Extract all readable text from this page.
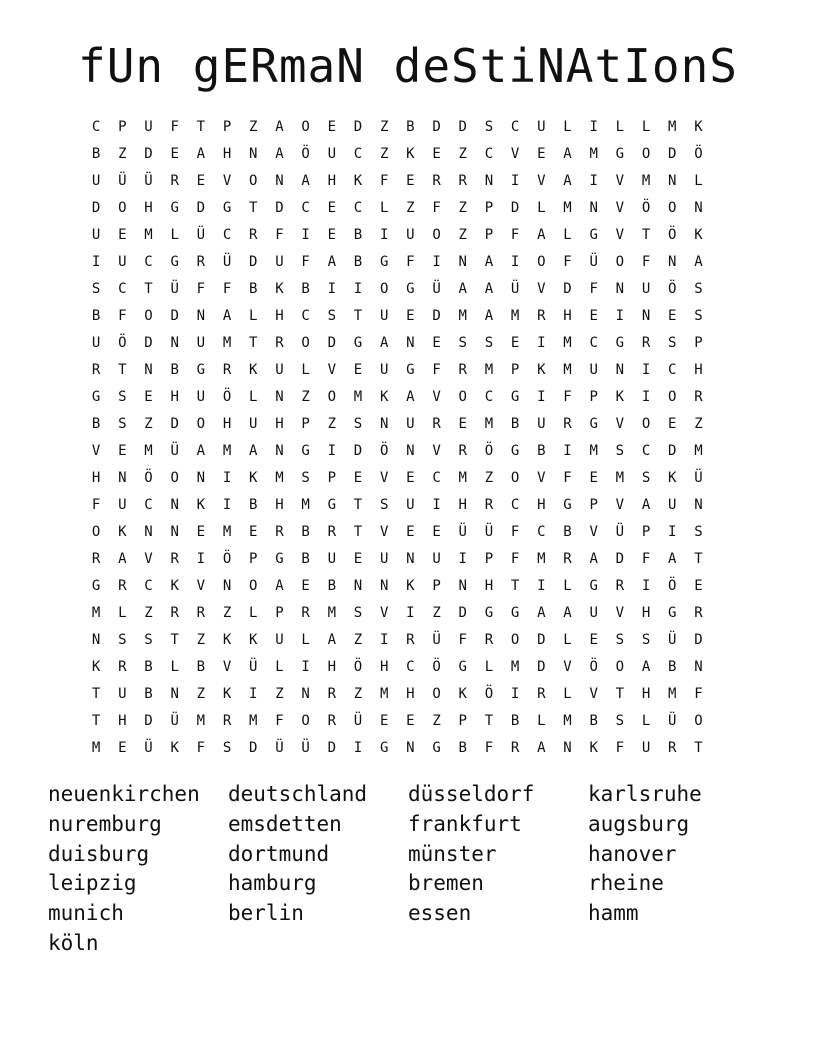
fUn gERmaN deStiNAtIonS
C	P	U	F	T	P	Z	A	O	E	D	Z	B	D	D	S	C	U	L	I	L	L	M	K
B	Z	D	E	A	H	N	A	Ö	U	C	Z	K	E	Z	C	V	E	A	M	G	O	D	Ö
U	Ü	Ü	R	E	V	O	N	A	H	K	F	E	R	R	N	I	V	A	I	V	M	N	L
D	O	H	G	D	G	T	D	C	E	C	L	Z	F	Z	P	D	L	M	N	V	Ö	O	N
U	E	M	L	Ü	C	R	F	I	E	B	I	U	O	Z	P	F	A	L	G	V	T	Ö	K
I	U	C	G	R	Ü	D	U	F	A	B	G	F	I	N	A	I	O	F	Ü	O	F	N	A
S	C	T	Ü	F	F	B	K	B	I	I	O	G	Ü	A	A	Ü	V	D	F	N	U	Ö	S
B	F	O	D	N	A	L	H	C	S	T	U	E	D	M	A	M	R	H	E	I	N	E	S
U	Ö	D	N	U	M	T	R	O	D	G	A	N	E	S	S	E	I	M	C	G	R	S	P
R	T	N	B	G	R	K	U	L	V	E	U	G	F	R	M	P	K	M	U	N	I	C	H
G	S	E	H	U	Ö	L	N	Z	O	M	K	A	V	O	C	G	I	F	P	K	I	O	R
B	S	Z	D	O	H	U	H	P	Z	S	N	U	R	E	M	B	U	R	G	V	O	E	Z
V	E	M	Ü	A	M	A	N	G	I	D	Ö	N	V	R	Ö	G	B	I	M	S	C	D	M
H	N	Ö	O	N	I	K	M	S	P	E	V	E	C	M	Z	O	V	F	E	M	S	K	Ü
F	U	C	N	K	I	B	H	M	G	T	S	U	I	H	R	C	H	G	P	V	A	U	N
O	K	N	N	E	M	E	R	B	R	T	V	E	E	Ü	Ü	F	C	B	V	Ü	P	I	S
R	A	V	R	I	Ö	P	G	B	U	E	U	N	U	I	P	F	M	R	A	D	F	A	T
G	R	C	K	V	N	O	A	E	B	N	N	K	P	N	H	T	I	L	G	R	I	Ö	E
M	L	Z	R	R	Z	L	P	R	M	S	V	I	Z	D	G	G	A	A	U	V	H	G	R
N	S	S	T	Z	K	K	U	L	A	Z	I	R	Ü	F	R	O	D	L	E	S	S	Ü	D
K	R	B	L	B	V	Ü	L	I	H	Ö	H	C	Ö	G	L	M	D	V	Ö	O	A	B	N
T	U	B	N	Z	K	I	Z	N	R	Z	M	H	O	K	Ö	I	R	L	V	T	H	M	F
T	H	D	Ü	M	R	M	F	O	R	Ü	E	E	Z	P	T	B	L	M	B	S	L	Ü	O
M	E	Ü	K	F	S	D	Ü	Ü	D	I	G	N	G	B	F	R	A	N	K	F	U	R	T
neuenkirchen	deutschland	düsseldorf	karlsruhe
nuremburg	emsdetten	frankfurt	augsburg
duisburg	dortmund	münster	hanover
leipzig	hamburg	bremen	rheine
munich	berlin	essen	hamm
köln
